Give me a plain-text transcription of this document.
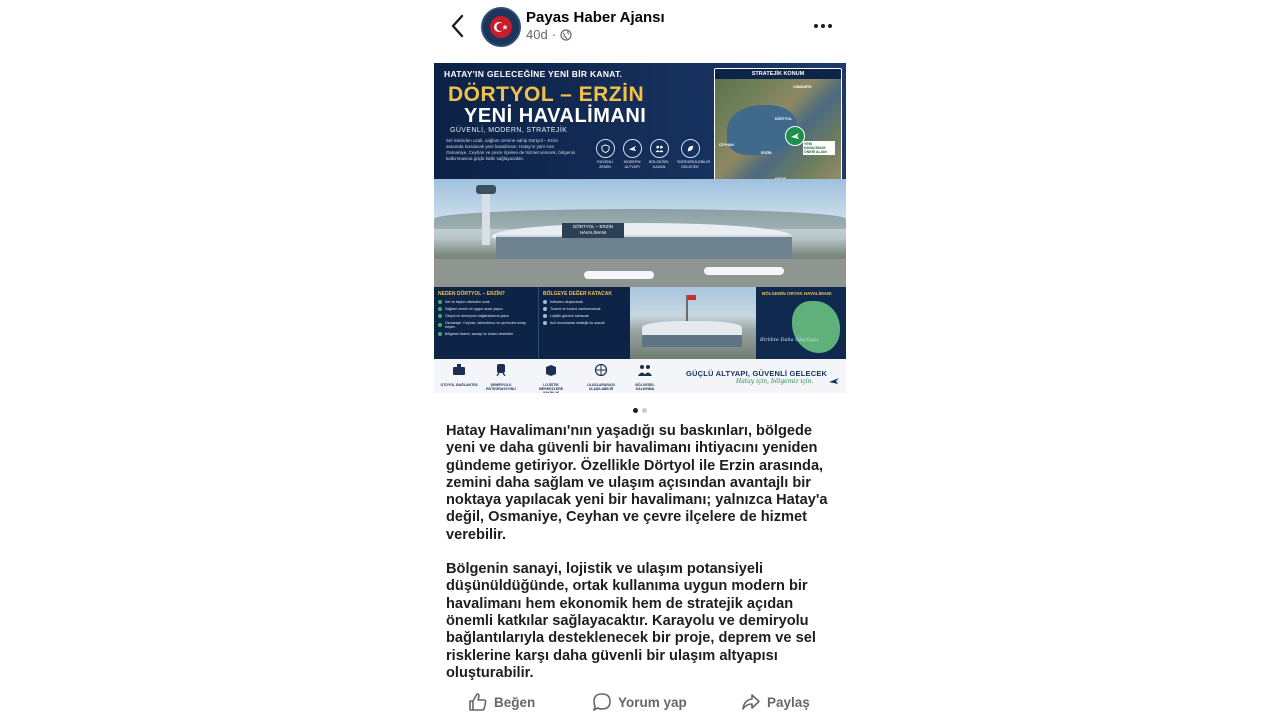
Payas Haber Ajansı
40d ·
HATAY'IN GELECEĞİNE YENİ BİR KANAT.
DÖRTYOL – ERZİN
YENİ HAVALİMANI
GÜVENLİ, MODERN, STRATEJİK
Sel riskinden uzak, sağlam zemine sahip Dörtyol – Erzin arasında kurulacak yeni havalimanı; Hatay'ın yanı sıra Osmaniye, Ceyhan ve çevre ilçelere de hizmet verecek, bölgenin kalkınmasına güçlü katkı sağlayacaktır.
GÜVENLİ ZEMİN
MODERN ALTYAPI
BÖLGESEL KAZAN
SÜRDÜRÜLEBİLİR GELECEK
STRATEJİK KONUM
OSMANİYE
DÖRTYOL
CEYHAN
ERZİN
YENİ HAVALİMANI ÖNERİ ALANI
DÖRTYOL – ERZİN HAVALİMANI
NEDEN DÖRTYOL – ERZİN?
Sel ve taşkın riskinden uzak
Sağlam zemin ve uygun arazi yapısı
Otoyol ve demiryolu bağlantılarına yakın
Osmaniye, Ceyhan, İskenderun ve çevresine kolay erişim
Bölgesel ticaret, sanayi ve turizm destekler
BÖLGEYE DEĞER KATACAK
İstihdam oluşturacak
Ticaret ve turizmi canlandıracak
Lojistik gücünü artıracak
Acil durumlarda stratejik üs olacak
BÖLGENİN ORTAK HAVALİMANI
Birlikte Daha Güçlüyüz
OTOYOL BAĞLANTISI	DEMİRYOLU ENTEGRASYONU
LOJİSTİK MERKEZLERE YAKINLIK
ULUSLARARASI ULAŞILABİLİR
BÖLGESEL KALKINMA
GÜÇLÜ ALTYAPI, GÜVENLİ GELECEK
Hatay için, bölgemiz için.

Hatay Havalimanı'nın yaşadığı su baskınları, bölgede yeni ve daha güvenli bir havalimanı ihtiyacını yeniden gündeme getiriyor. Özellikle Dörtyol ile Erzin arasında, zemini daha sağlam ve ulaşım açısından avantajlı bir noktaya yapılacak yeni bir havalimanı; yalnızca Hatay'a değil, Osmaniye, Ceyhan ve çevre ilçelere de hizmet verebilir.

Bölgenin sanayi, lojistik ve ulaşım potansiyeli düşünüldüğünde, ortak kullanıma uygun modern bir havalimanı hem ekonomik hem de stratejik açıdan önemli katkılar sağlayacaktır. Karayolu ve demiryolu bağlantılarıyla desteklenecek bir proje, deprem ve sel risklerine karşı daha güvenli bir ulaşım altyapısı oluşturabilir.

Beğen	Yorum yap	Paylaş
